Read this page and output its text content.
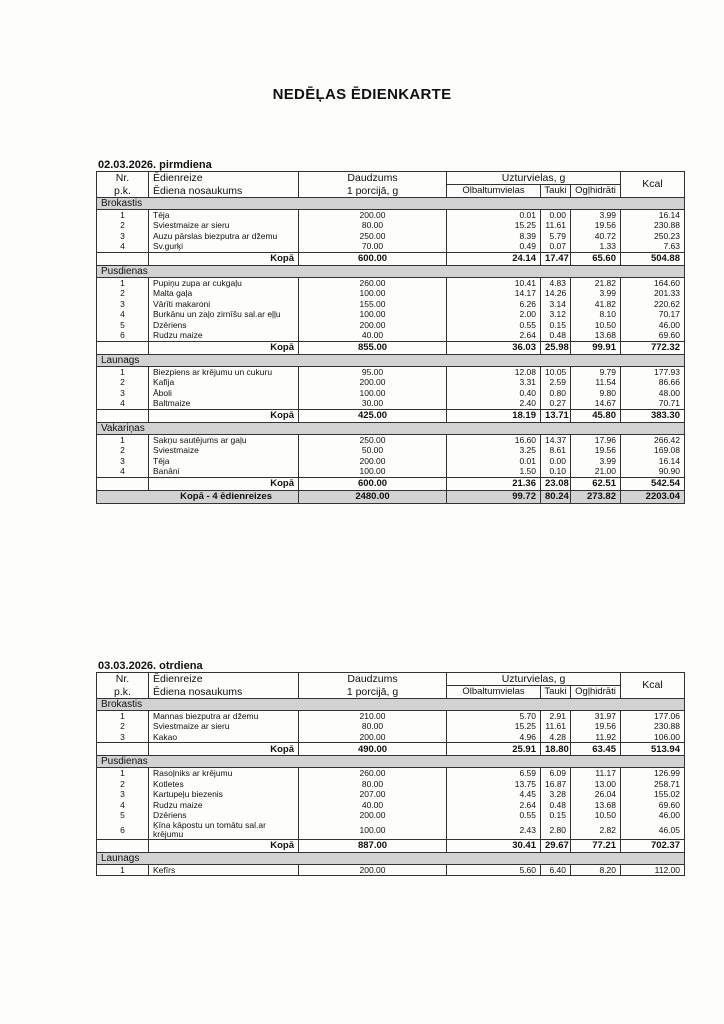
NEDĒĻAS ĒDIENKARTE
02.03.2026. pirmdiena
Nr.	Ēdienreize	Daudzums	Uzturvielas, g			Kcal
p.k.	Ēdiena nosaukums	1 porcijā, g	Olbaltumvielas	Tauki	Ogļhidrāti	
Brokastis						
1	Tēja	200.00	0.01	0.00	3.99	16.14
2	Sviestmaize ar sieru	80.00	15.25	11.61	19.56	230.88
3	Auzu pārslas biezputra ar džemu	250.00	8.39	5.79	40.72	250.23
4	Sv.gurķi	70.00	0.49	0.07	1.33	7.63
	Kopā	600.00	24.14	17.47	65.60	504.88
Pusdienas						
1	Pupiņu zupa ar cukgaļu	260.00	10.41	4.83	21.82	164.60
2	Malta gaļa	100.00	14.17	14.26	3.99	201.33
3	Vārīti makaroni	155.00	6.26	3.14	41.82	220.62
4	Burkānu un zaļo zirnīšu sal.ar eļļu	100.00	2.00	3.12	8.10	70.17
5	Dzēriens	200.00	0.55	0.15	10.50	46.00
6	Rudzu maize	40.00	2.64	0.48	13.68	69.60
	Kopā	855.00	36.03	25.98	99.91	772.32
Launags						
1	Biezpiens ar krējumu un cukuru	95.00	12.08	10.05	9.79	177.93
2	Kafija	200.00	3.31	2.59	11.54	86.66
3	Āboli	100.00	0.40	0.80	9.80	48.00
4	Baltmaize	30.00	2.40	0.27	14.67	70.71
	Kopā	425.00	18.19	13.71	45.80	383.30
Vakariņas						
1	Sakņu sautējums ar gaļu	250.00	16.60	14.37	17.96	266.42
2	Sviestmaize	50.00	3.25	8.61	19.56	169.08
3	Tēja	200.00	0.01	0.00	3.99	16.14
4	Banāni	100.00	1.50	0.10	21.00	90.90
	Kopā	600.00	21.36	23.08	62.51	542.54
Kopā - 4 ēdienreizes		2480.00	99.72	80.24	273.82	2203.04
03.03.2026. otrdiena
Nr.	Ēdienreize	Daudzums	Uzturvielas, g			Kcal
p.k.	Ēdiena nosaukums	1 porcijā, g	Olbaltumvielas	Tauki	Ogļhidrāti	
Brokastis						
1	Mannas biezputra ar džemu	210.00	5.70	2.91	31.97	177.06
2	Sviestmaize ar sieru	80.00	15.25	11.61	19.56	230.88
3	Kakao	200.00	4.96	4.28	11.92	106.00
	Kopā	490.00	25.91	18.80	63.45	513.94
Pusdienas						
1	Rasoļniks ar krējumu	260.00	6.59	6.09	11.17	126.99
2	Kotletes	80.00	13.75	16.87	13.00	258.71
3	Kartupeļu biezenis	207.00	4.45	3.28	26.04	155.02
4	Rudzu maize	40.00	2.64	0.48	13.68	69.60
5	Dzēriens	200.00	0.55	0.15	10.50	46.00
6	Ķīna kāpostu un tomātu sal.ar krējumu	100.00	2.43	2.80	2.82	46.05
	Kopā	887.00	30.41	29.67	77.21	702.37
Launags						
1	Kefīrs	200.00	5.60	6.40	8.20	112.00
